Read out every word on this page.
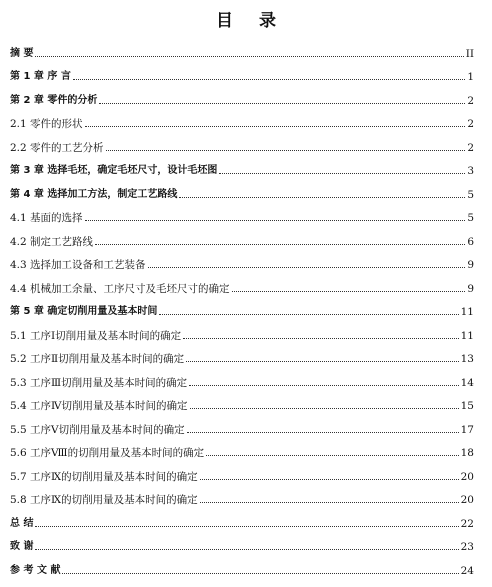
目 录
摘 要	II
第 1 章 序 言	1
第 2 章 零件的分析	2
2.1 零件的形状	2
2.2 零件的工艺分析	2
第 3 章 选择毛坯，确定毛坯尺寸，设计毛坯图	3
第 4 章 选择加工方法，制定工艺路线	5
4.1 基面的选择	5
4.2 制定工艺路线	6
4.3 选择加工设备和工艺装备	9
4.4 机械加工余量、工序尺寸及毛坯尺寸的确定	9
第 5 章 确定切削用量及基本时间	11
5.1 工序Ⅰ切削用量及基本时间的确定	11
5.2 工序Ⅱ切削用量及基本时间的确定	13
5.3 工序Ⅲ切削用量及基本时间的确定	14
5.4 工序Ⅳ切削用量及基本时间的确定	15
5.5 工序Ⅴ切削用量及基本时间的确定	17
5.6 工序Ⅷ的切削用量及基本时间的确定	18
5.7 工序Ⅸ的切削用量及基本时间的确定	20
5.8 工序Ⅸ的切削用量及基本时间的确定	20
总 结	22
致 谢	23
参 考 文 献	24
